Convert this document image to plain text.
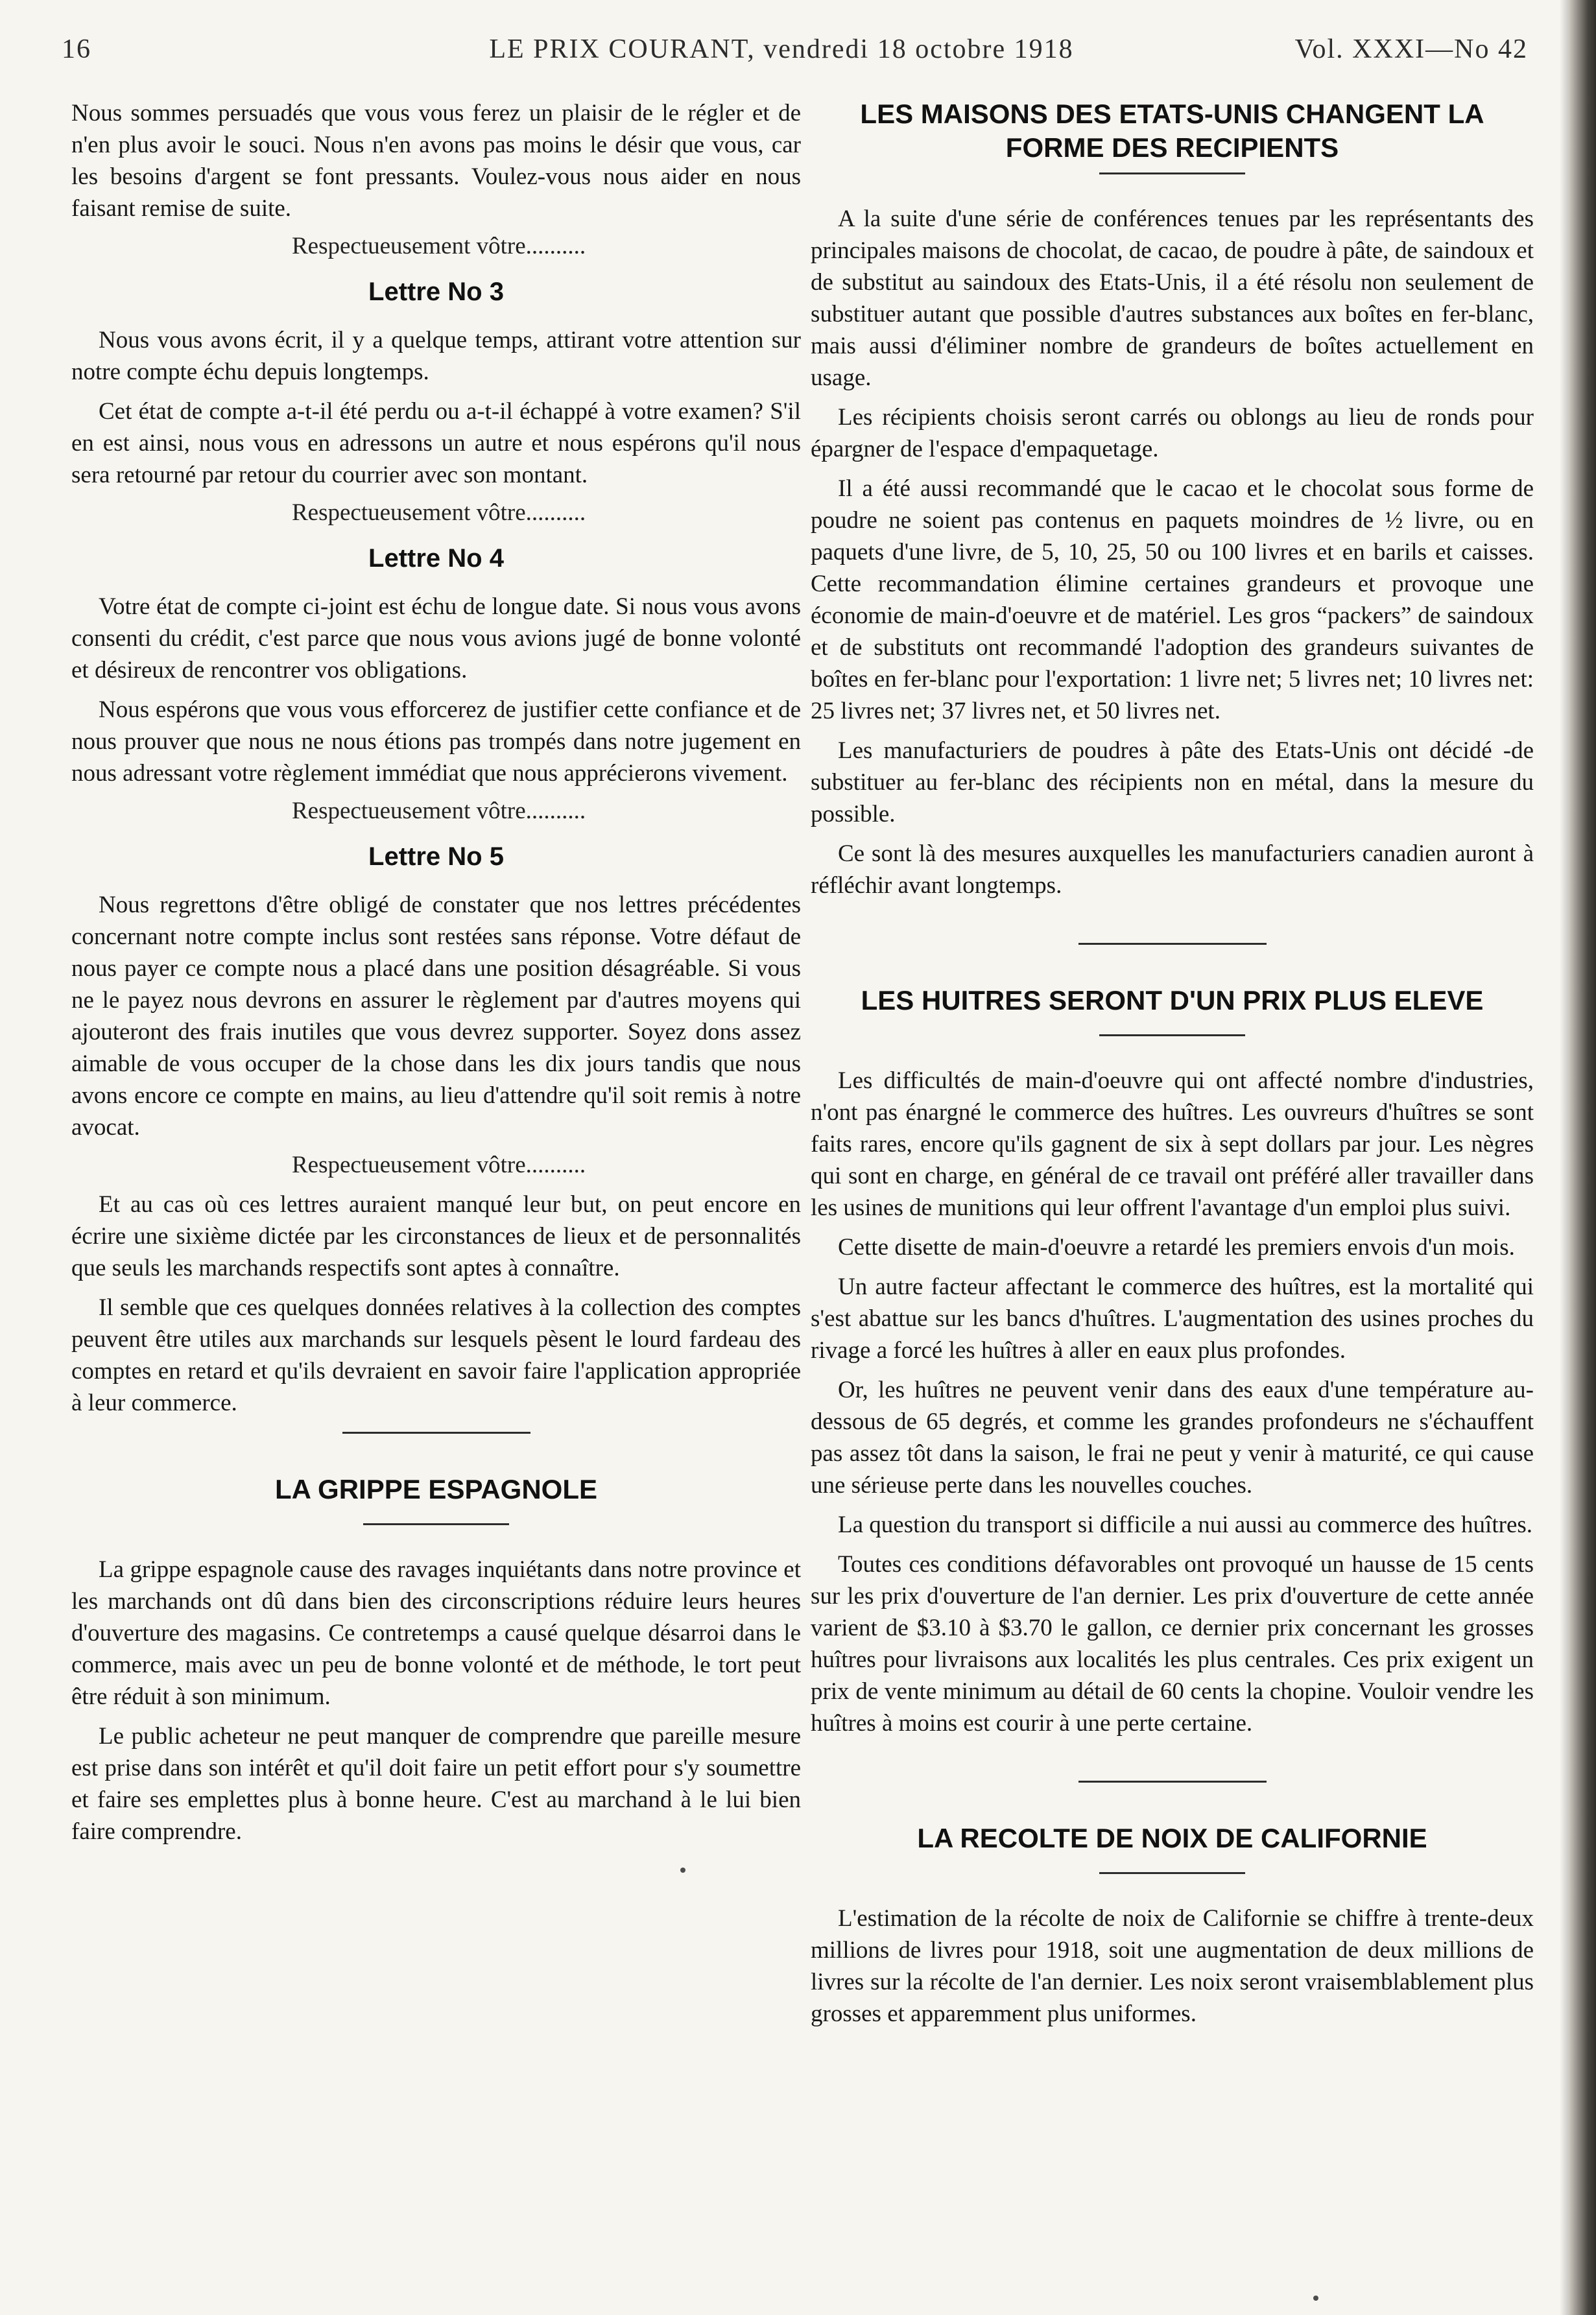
16	LE PRIX COURANT, vendredi 18 octobre 1918	Vol. XXXI—No 42

Nous sommes persuadés que vous vous ferez un plaisir de le régler et de n'en plus avoir le souci. Nous n'en avons pas moins le désir que vous, car les besoins d'argent se font pressants. Voulez-vous nous aider en nous faisant remise de suite.

Respectueusement vôtre..........
Lettre No 3

Nous vous avons écrit, il y a quelque temps, attirant votre attention sur notre compte échu depuis longtemps.

Cet état de compte a-t-il été perdu ou a-t-il échappé à votre examen? S'il en est ainsi, nous vous en adressons un autre et nous espérons qu'il nous sera retourné par retour du courrier avec son montant.

Respectueusement vôtre..........
Lettre No 4

Votre état de compte ci-joint est échu de longue date. Si nous vous avons consenti du crédit, c'est parce que nous vous avions jugé de bonne volonté et désireux de rencontrer vos obligations.

Nous espérons que vous vous efforcerez de justifier cette confiance et de nous prouver que nous ne nous étions pas trompés dans notre jugement en nous adressant votre règlement immédiat que nous apprécierons vivement.

Respectueusement vôtre..........
Lettre No 5

Nous regrettons d'être obligé de constater que nos lettres précédentes concernant notre compte inclus sont restées sans réponse. Votre défaut de nous payer ce compte nous a placé dans une position désagréable. Si vous ne le payez nous devrons en assurer le règlement par d'autres moyens qui ajouteront des frais inutiles que vous devrez supporter. Soyez dons assez aimable de vous occuper de la chose dans les dix jours tandis que nous avons encore ce compte en mains, au lieu d'attendre qu'il soit remis à notre avocat.

Respectueusement vôtre..........

Et au cas où ces lettres auraient manqué leur but, on peut encore en écrire une sixième dictée par les circonstances de lieux et de personnalités que seuls les marchands respectifs sont aptes à connaître.

Il semble que ces quelques données relatives à la collection des comptes peuvent être utiles aux marchands sur lesquels pèsent le lourd fardeau des comptes en retard et qu'ils devraient en savoir faire l'application appropriée à leur commerce.

LA GRIPPE ESPAGNOLE

La grippe espagnole cause des ravages inquiétants dans notre province et les marchands ont dû dans bien des circonscriptions réduire leurs heures d'ouverture des magasins. Ce contretemps a causé quelque désarroi dans le commerce, mais avec un peu de bonne volonté et de méthode, le tort peut être réduit à son minimum.

Le public acheteur ne peut manquer de comprendre que pareille mesure est prise dans son intérêt et qu'il doit faire un petit effort pour s'y soumettre et faire ses emplettes plus à bonne heure. C'est au marchand à le lui bien faire comprendre.

LES MAISONS DES ETATS-UNIS CHANGENT LA
FORME DES RECIPIENTS

A la suite d'une série de conférences tenues par les représentants des principales maisons de chocolat, de cacao, de poudre à pâte, de saindoux et de substitut au saindoux des Etats-Unis, il a été résolu non seulement de substituer autant que possible d'autres substances aux boîtes en fer-blanc, mais aussi d'éliminer nombre de grandeurs de boîtes actuellement en usage.

Les récipients choisis seront carrés ou oblongs au lieu de ronds pour épargner de l'espace d'empaquetage.

Il a été aussi recommandé que le cacao et le chocolat sous forme de poudre ne soient pas contenus en paquets moindres de ½ livre, ou en paquets d'une livre, de 5, 10, 25, 50 ou 100 livres et en barils et caisses. Cette recommandation élimine certaines grandeurs et provoque une économie de main-d'oeuvre et de matériel. Les gros “packers” de saindoux et de substituts ont recommandé l'adoption des grandeurs suivantes de boîtes en fer-blanc pour l'exportation: 1 livre net; 5 livres net; 10 livres net: 25 livres net; 37 livres net, et 50 livres net.

Les manufacturiers de poudres à pâte des Etats-Unis ont décidé -de substituer au fer-blanc des récipients non en métal, dans la mesure du possible.

Ce sont là des mesures auxquelles les manufacturiers canadien auront à réfléchir avant longtemps.

LES HUITRES SERONT D'UN PRIX PLUS ELEVE

Les difficultés de main-d'oeuvre qui ont affecté nombre d'industries, n'ont pas énargné le commerce des huîtres. Les ouvreurs d'huîtres se sont faits rares, encore qu'ils gagnent de six à sept dollars par jour. Les nègres qui sont en charge, en général de ce travail ont préféré aller travailler dans les usines de munitions qui leur offrent l'avantage d'un emploi plus suivi.

Cette disette de main-d'oeuvre a retardé les premiers envois d'un mois.

Un autre facteur affectant le commerce des huîtres, est la mortalité qui s'est abattue sur les bancs d'huîtres. L'augmentation des usines proches du rivage a forcé les huîtres à aller en eaux plus profondes.

Or, les huîtres ne peuvent venir dans des eaux d'une température au-dessous de 65 degrés, et comme les grandes profondeurs ne s'échauffent pas assez tôt dans la saison, le frai ne peut y venir à maturité, ce qui cause une sérieuse perte dans les nouvelles couches.

La question du transport si difficile a nui aussi au commerce des huîtres.

Toutes ces conditions défavorables ont provoqué un hausse de 15 cents sur les prix d'ouverture de l'an dernier. Les prix d'ouverture de cette année varient de $3.10 à $3.70 le gallon, ce dernier prix concernant les grosses huîtres pour livraisons aux localités les plus centrales. Ces prix exigent un prix de vente minimum au détail de 60 cents la chopine. Vouloir vendre les huîtres à moins est courir à une perte certaine.

LA RECOLTE DE NOIX DE CALIFORNIE

L'estimation de la récolte de noix de Californie se chiffre à trente-deux millions de livres pour 1918, soit une augmentation de deux millions de livres sur la récolte de l'an dernier. Les noix seront vraisemblablement plus grosses et apparemment plus uniformes.
